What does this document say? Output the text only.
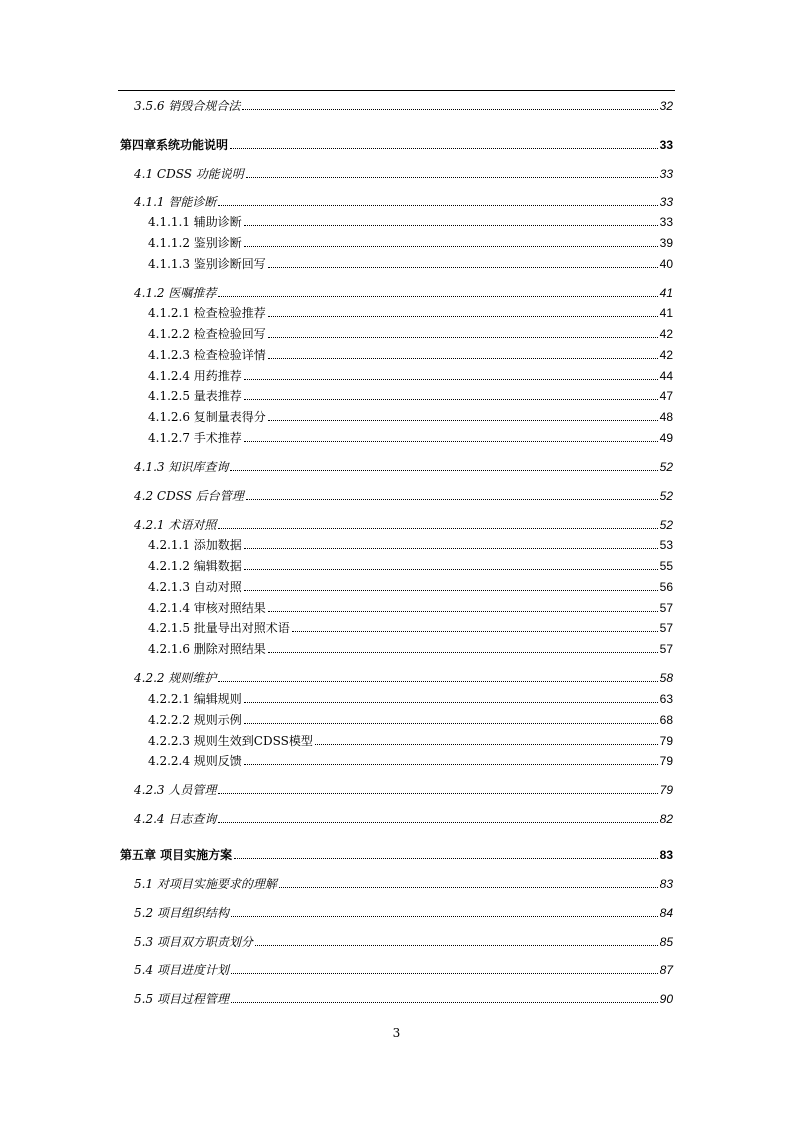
3.5.6 销毁合规合法	32
第四章系统功能说明	33
4.1 CDSS 功能说明	33
4.1.1 智能诊断	33
4.1.1.1 辅助诊断	33
4.1.1.2 鉴别诊断	39
4.1.1.3 鉴别诊断回写	40
4.1.2 医嘱推荐	41
4.1.2.1 检查检验推荐	41
4.1.2.2 检查检验回写	42
4.1.2.3 检查检验详情	42
4.1.2.4 用药推荐	44
4.1.2.5 量表推荐	47
4.1.2.6 复制量表得分	48
4.1.2.7 手术推荐	49
4.1.3 知识库查询	52
4.2 CDSS 后台管理	52
4.2.1 术语对照	52
4.2.1.1 添加数据	53
4.2.1.2 编辑数据	55
4.2.1.3 自动对照	56
4.2.1.4 审核对照结果	57
4.2.1.5 批量导出对照术语	57
4.2.1.6 删除对照结果	57
4.2.2 规则维护	58
4.2.2.1 编辑规则	63
4.2.2.2 规则示例	68
4.2.2.3 规则生效到CDSS模型	79
4.2.2.4 规则反馈	79
4.2.3 人员管理	79
4.2.4 日志查询	82
第五章 项目实施方案	83
5.1 对项目实施要求的理解	83
5.2 项目组织结构	84
5.3 项目双方职责划分	85
5.4 项目进度计划	87
5.5 项目过程管理	90
3
